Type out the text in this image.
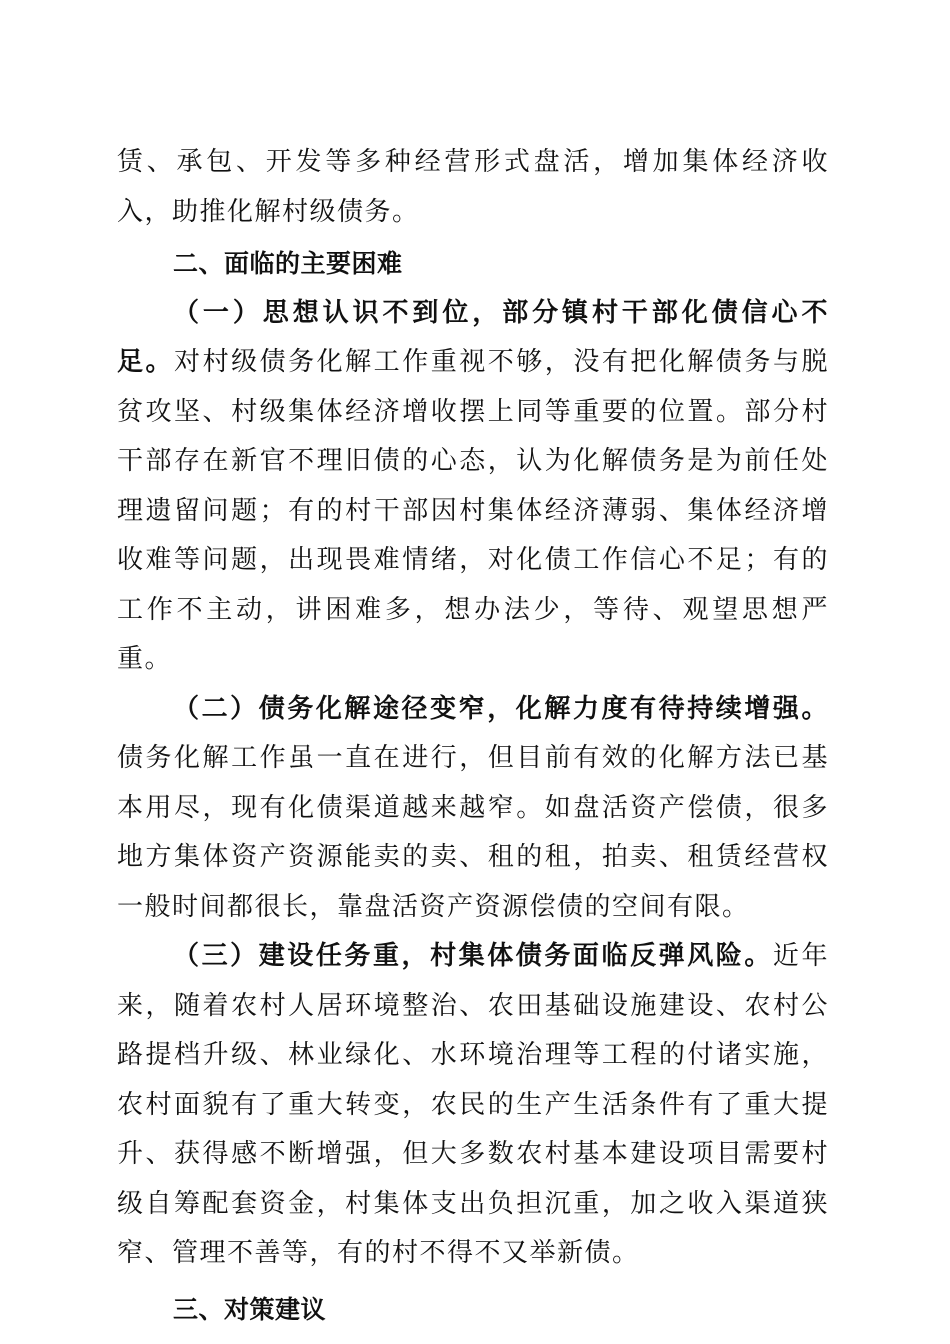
赁、承包、开发等多种经营形式盘活，增加集体经济收入，助推化解村级债务。

二、面临的主要困难

（一）思想认识不到位，部分镇村干部化债信心不足。对村级债务化解工作重视不够，没有把化解债务与脱贫攻坚、村级集体经济增收摆上同等重要的位置。部分村干部存在新官不理旧债的心态，认为化解债务是为前任处理遗留问题；有的村干部因村集体经济薄弱、集体经济增收难等问题，出现畏难情绪，对化债工作信心不足；有的工作不主动，讲困难多，想办法少，等待、观望思想严重。

（二）债务化解途径变窄，化解力度有待持续增强。债务化解工作虽一直在进行，但目前有效的化解方法已基本用尽，现有化债渠道越来越窄。如盘活资产偿债，很多地方集体资产资源能卖的卖、租的租，拍卖、租赁经营权一般时间都很长，靠盘活资产资源偿债的空间有限。

（三）建设任务重，村集体债务面临反弹风险。近年来，随着农村人居环境整治、农田基础设施建设、农村公路提档升级、林业绿化、水环境治理等工程的付诸实施，农村面貌有了重大转变，农民的生产生活条件有了重大提升、获得感不断增强，但大多数农村基本建设项目需要村级自筹配套资金，村集体支出负担沉重，加之收入渠道狭窄、管理不善等，有的村不得不又举新债。

三、对策建议
